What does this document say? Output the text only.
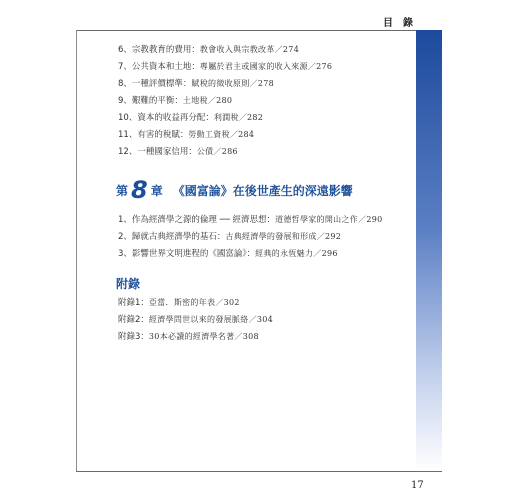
目錄
6、宗教教育的費用：教會收入與宗教改革／274
7、公共資本和土地：專屬於君主或國家的收入來源／276
8、一種評價標準：賦稅的徵收原則／278
9、艱難的平衡：土地稅／280
10、資本的收益再分配：利潤稅／282
11、有害的稅賦：勞動工資稅／284
12、一種國家信用：公債／286
第 8 章 《國富論》在後世產生的深遠影響
1、作為經濟學之源的倫理 ── 經濟思想：道德哲學家的開山之作／290
2、歸就古典經濟學的基石：古典經濟學的發展和形成／292
3、影響世界文明進程的《國富論》：經典的永恆魅力／296
附錄
附錄1：亞當．斯密的年表／302
附錄2：經濟學問世以來的發展脈絡／304
附錄3：30本必讀的經濟學名著／308
17
